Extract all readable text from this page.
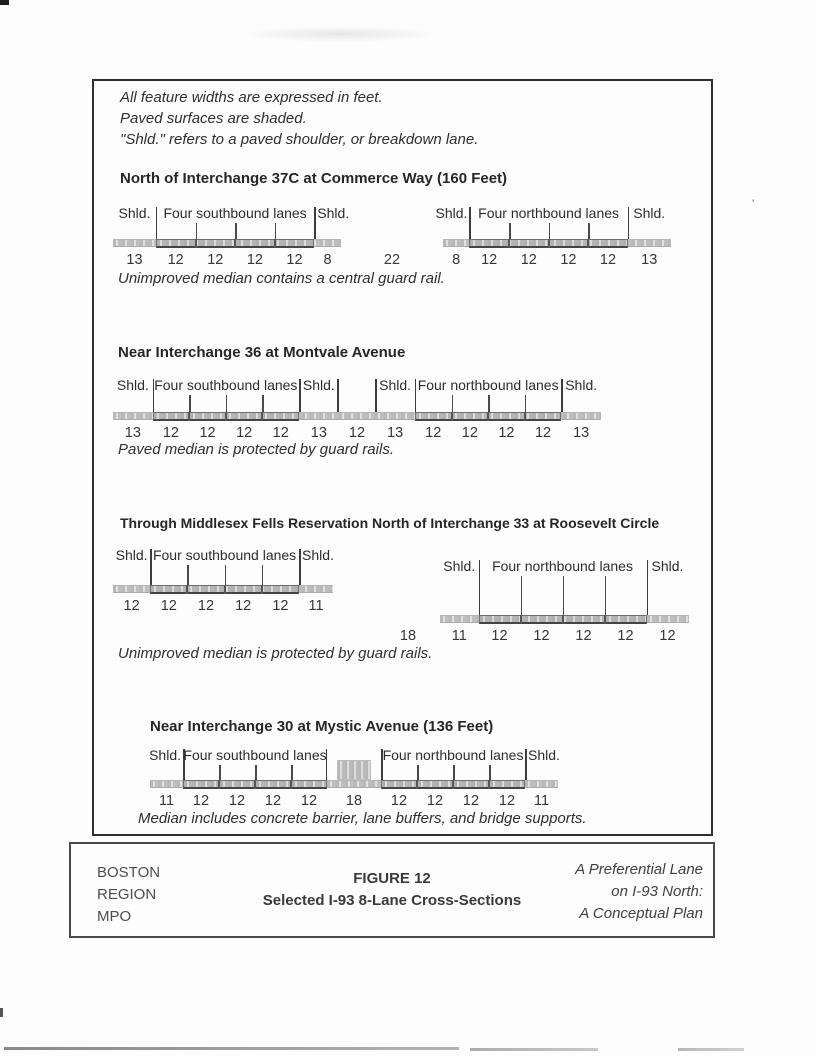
'
All feature widths are expressed in feet.
Paved surfaces are shaded.
"Shld." refers to a paved shoulder, or breakdown lane.
North of Interchange 37C at Commerce Way (160 Feet)
Shld.	Shld.
Four southbound lanes
13	12	12	12	12	8
Shld.	Shld.
Four northbound lanes
8	12	12	12	12	13
22
Unimproved median contains a central guard rail.
Near Interchange 36 at Montvale Avenue
Shld.	Shld.
Four southbound lanes
13	12	12	12	12	13
Shld.	Shld.
Four northbound lanes
13	12	12	12	12	13
12
Paved median is protected by guard rails.
Through Middlesex Fells Reservation North of Interchange 33 at Roosevelt Circle
Shld.	Shld.
Four southbound lanes
12	12	12	12	12	11
Shld.	Shld.
Four northbound lanes
11	12	12	12	12	12
18
Unimproved median is protected by guard rails.
Near Interchange 30 at Mystic Avenue (136 Feet)
Shld. Four southbound lanes
11	12	12	12	12
Shld.
Four northbound lanes
12	12	12	12	11
18
Median includes concrete barrier, lane buffers, and bridge supports.
BOSTON
REGION
MPO
FIGURE 12
Selected I-93 8-Lane Cross-Sections
A Preferential Lane
on I-93 North:
A Conceptual Plan
